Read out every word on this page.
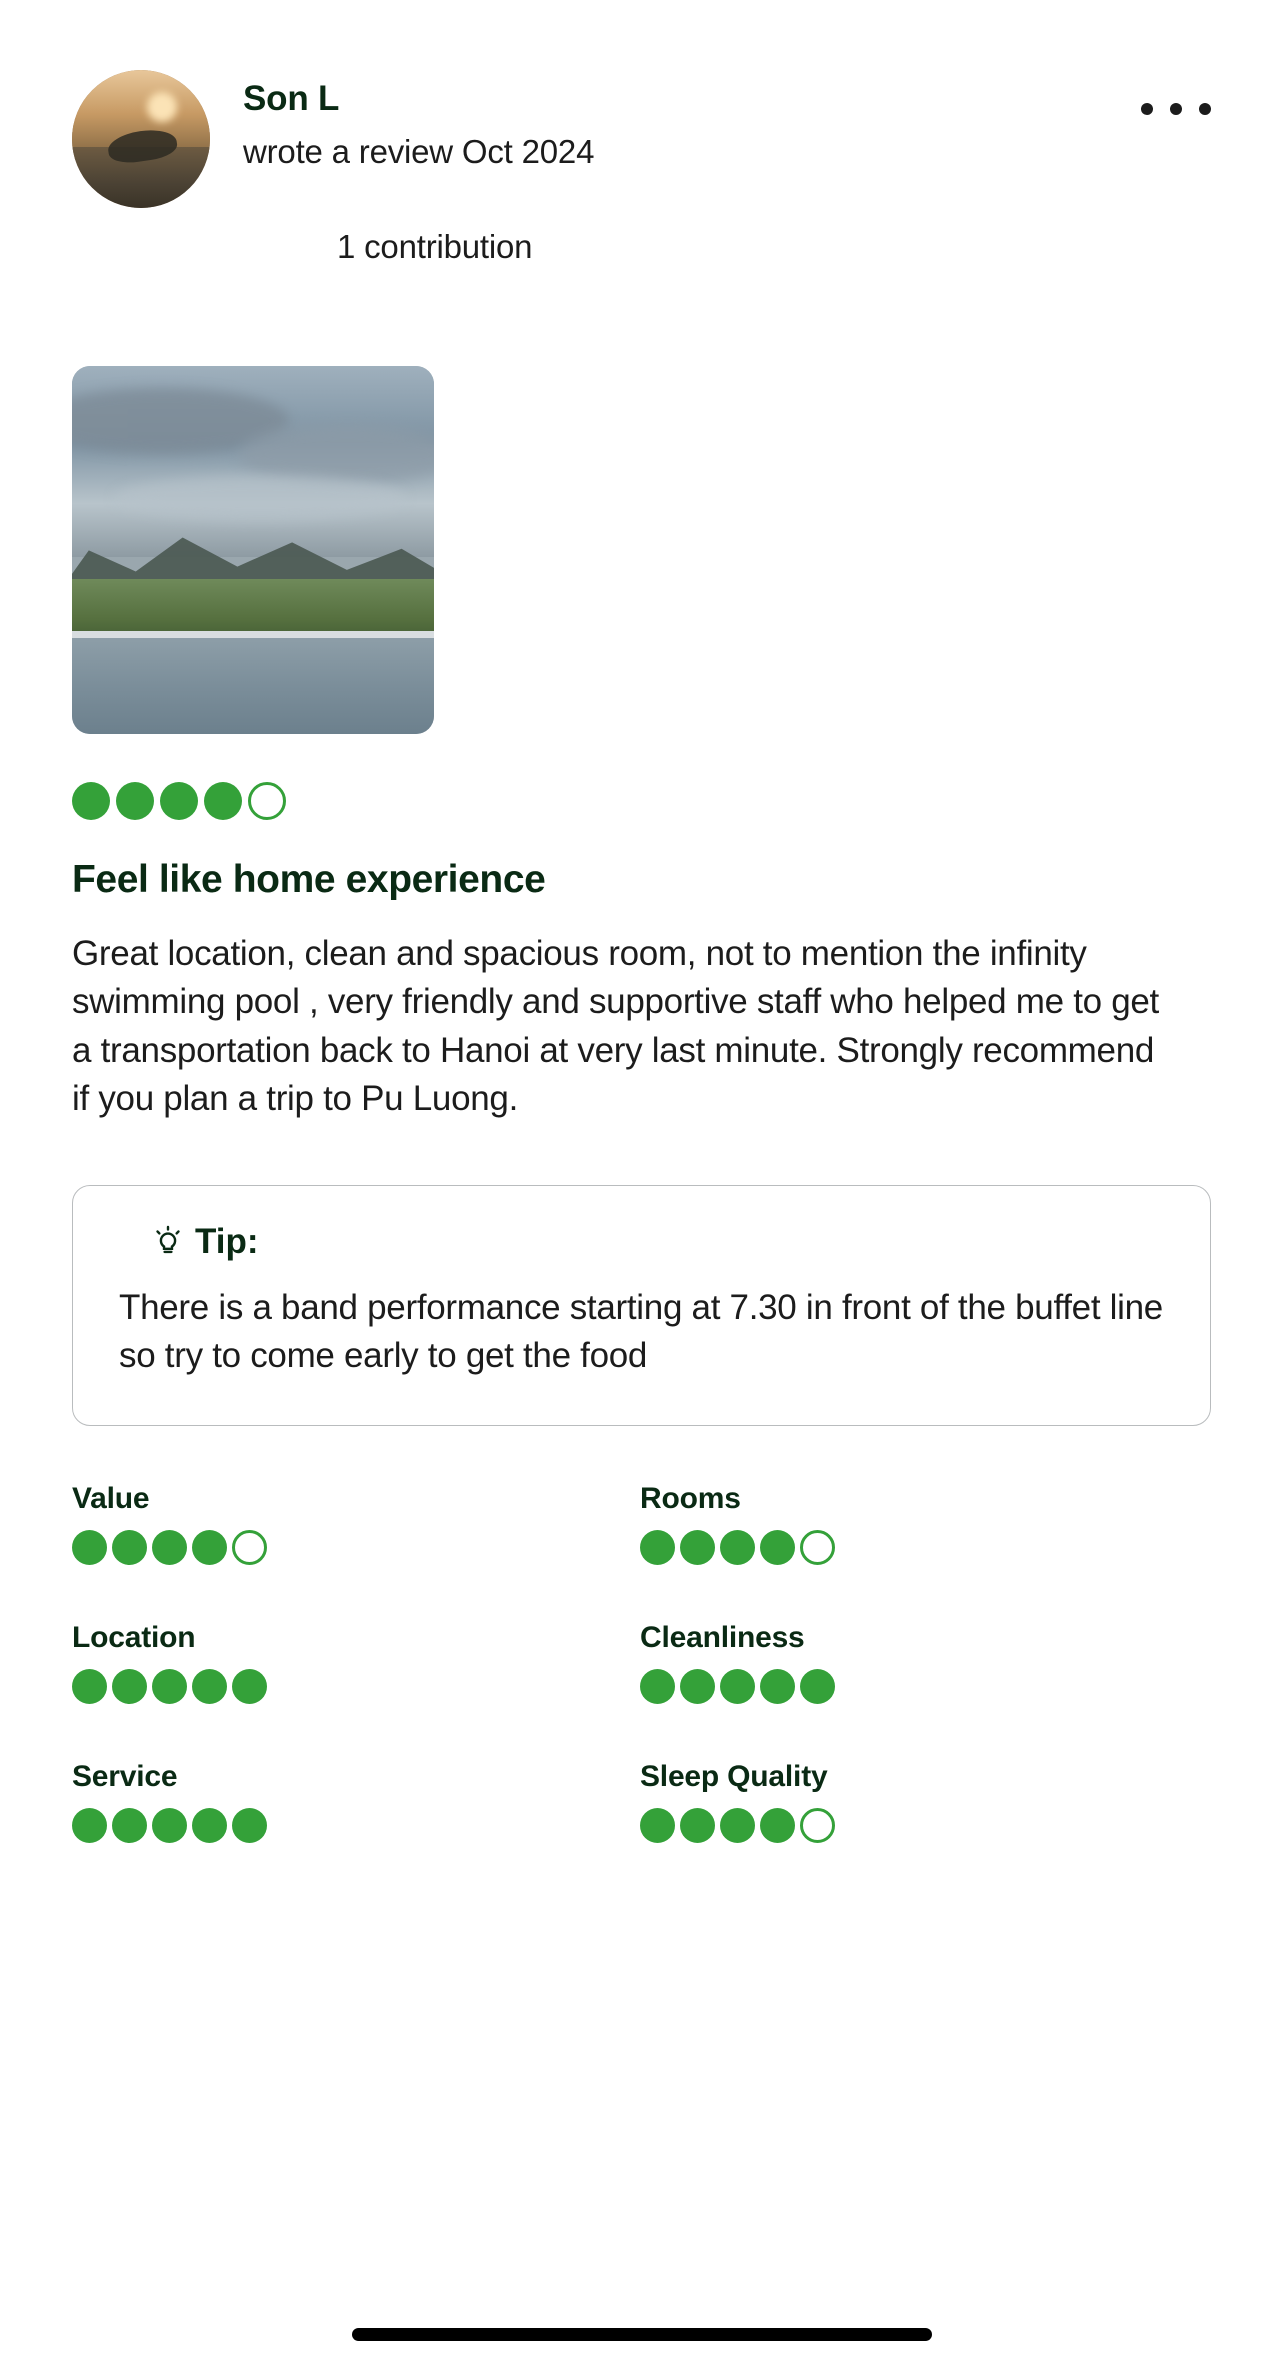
Son L
wrote a review Oct 2024
1 contribution
Feel like home experience
Great location, clean and spacious room, not to mention the infinity swimming pool , very friendly and supportive staff who helped me to get a transportation back to Hanoi at very last minute. Strongly recommend if you plan a trip to Pu Luong.
Tip:
There is a band performance starting at 7.30 in front of the buffet line so try to come early to get the food
Value	Rooms
Location	Cleanliness
Service	Sleep Quality
